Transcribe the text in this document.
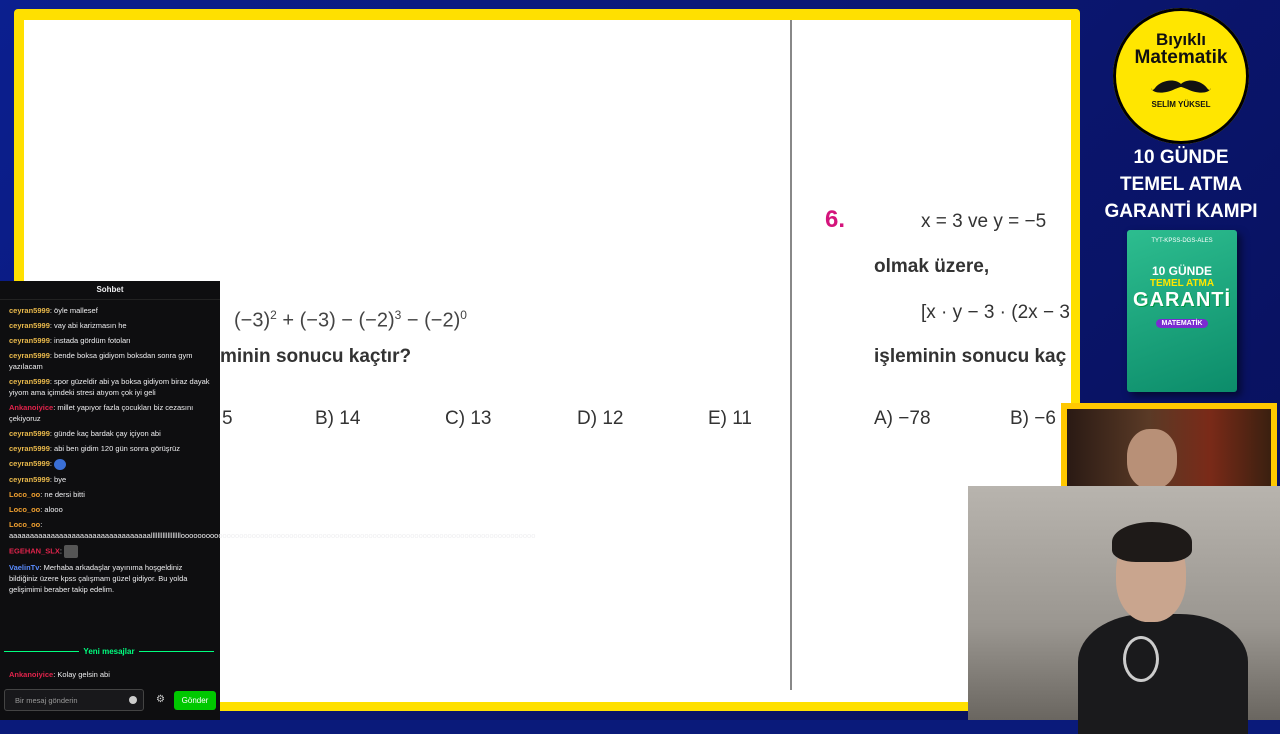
$(-3)^2 + (-3) - (-2)^3 - (-2)^0$
minin sonucu kaçtır?
5	B) 14	C) 13	D) 12	E) 11
6.	x = 3 ve y = −5
olmak üzere,
[x · y − 3 · (2x − 3
işleminin sonucu kaç
A) −78	B) −6
Bıyıklı
Matematik
SELİM YÜKSEL
10 GÜNDE
TEMEL ATMA
GARANTİ KAMPI
TYT-KPSS-DGS-ALES
10 GÜNDE
TEMEL ATMA
GARANTİ
MATEMATİK
Sohbet
ceyran5999: öyle mallesef
ceyran5999: vay abi karizmasın he
ceyran5999: instada gördüm fotoları
ceyran5999: bende boksa gidiyom boksdan sonra gym yazılacam
ceyran5999: spor güzeldir abi ya boksa gidiyom biraz dayak yiyom ama içimdeki stresi atıyom çok iyi geli
Ankanoiyice: millet yapıyor fazla çocukları biz cezasını çekiyoruz
ceyran5999: günde kaç bardak çay içiyon abi
ceyran5999: abi ben gidim 120 gün sonra görüşrüz
ceyran5999:
ceyran5999: bye
Loco_oo: ne dersi bitti
Loco_oo: alooo
Loco_oo: aaaaaaaaaaaaaaaaaaaaaaaaaaaaaaaaaallllllllllllllllllooooooooooooooooooooooooooooooooooooooooooooooooooooooooooooooooooooooooooooooooooooo
EGEHAN_SLX:
VaelinTv: Merhaba arkadaşlar yayınıma hoşgeldiniz bildiğiniz üzere kpss çalışmam güzel gidiyor. Bu yolda gelişimimi beraber takip edelim.
Yeni mesajlar
Ankanoiyice: Kolay gelsin abi
Bir mesaj gönderin	⚙	Gönder
